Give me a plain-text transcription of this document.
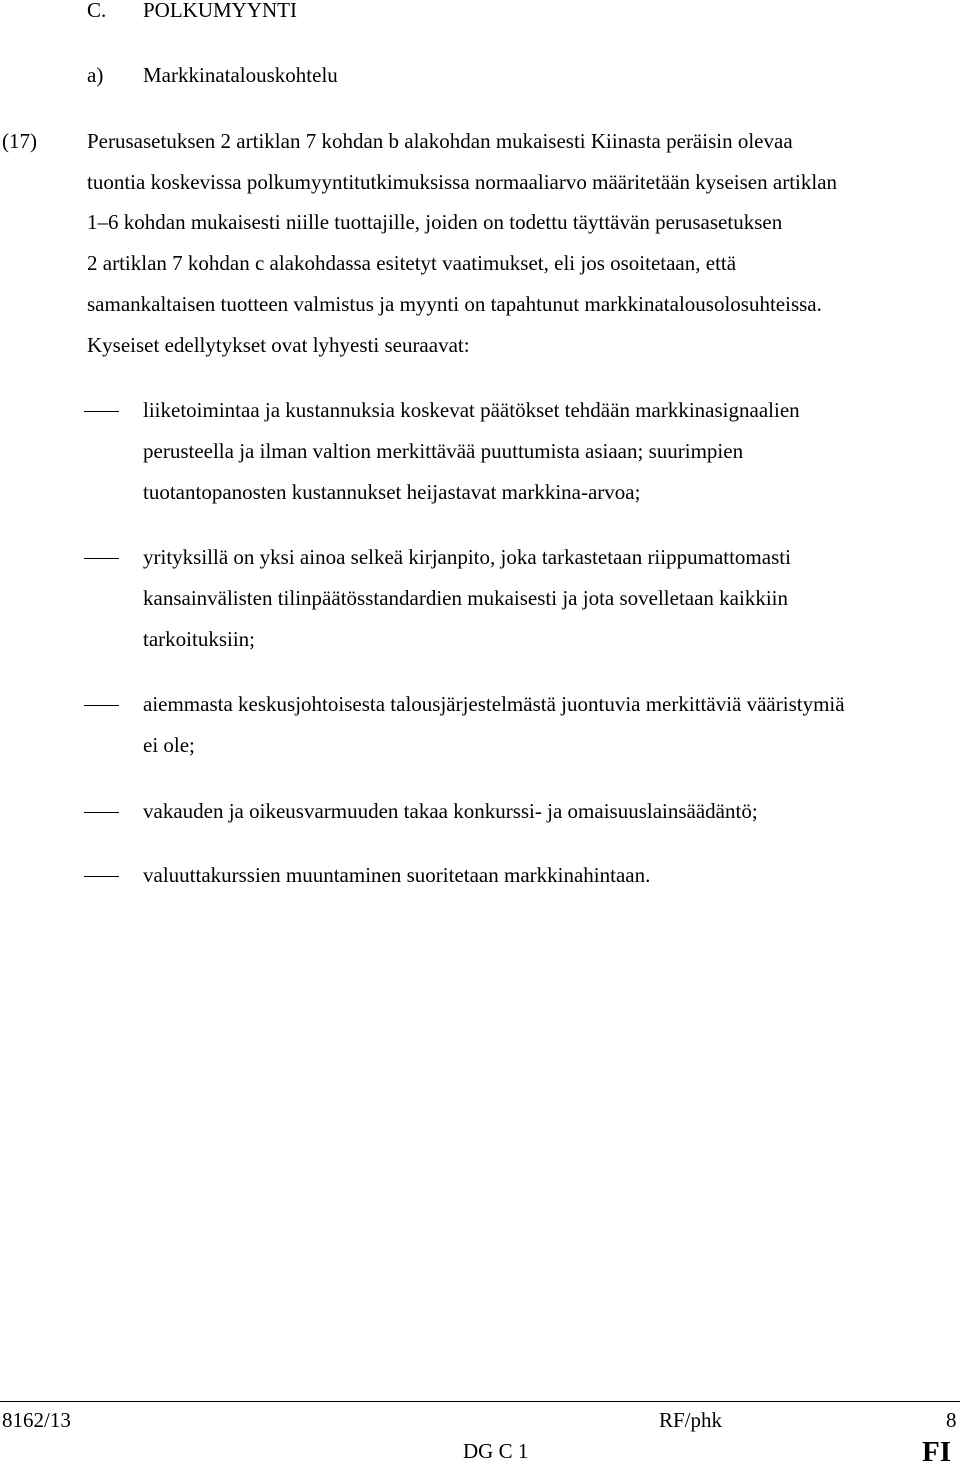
C. POLKUMYYNTI
a) Markkinatalouskohtelu
(17) Perusasetuksen 2 artiklan 7 kohdan b alakohdan mukaisesti Kiinasta peräisin olevaa
tuontia koskevissa polkumyyntitutkimuksissa normaaliarvo määritetään kyseisen artiklan
1–6 kohdan mukaisesti niille tuottajille, joiden on todettu täyttävän perusasetuksen
2 artiklan 7 kohdan c alakohdassa esitetyt vaatimukset, eli jos osoitetaan, että
samankaltaisen tuotteen valmistus ja myynti on tapahtunut markkinatalousolosuhteissa.
Kyseiset edellytykset ovat lyhyesti seuraavat:
liiketoimintaa ja kustannuksia koskevat päätökset tehdään markkinasignaalien
perusteella ja ilman valtion merkittävää puuttumista asiaan; suurimpien
tuotantopanosten kustannukset heijastavat markkina-arvoa;
yrityksillä on yksi ainoa selkeä kirjanpito, joka tarkastetaan riippumattomasti
kansainvälisten tilinpäätösstandardien mukaisesti ja jota sovelletaan kaikkiin
tarkoituksiin;
aiemmasta keskusjohtoisesta talousjärjestelmästä juontuvia merkittäviä vääristymiä
ei ole;
vakauden ja oikeusvarmuuden takaa konkurssi- ja omaisuuslainsäädäntö;
valuuttakurssien muuntaminen suoritetaan markkinahintaan.
8162/13	RF/phk	8
DG C 1	FI
